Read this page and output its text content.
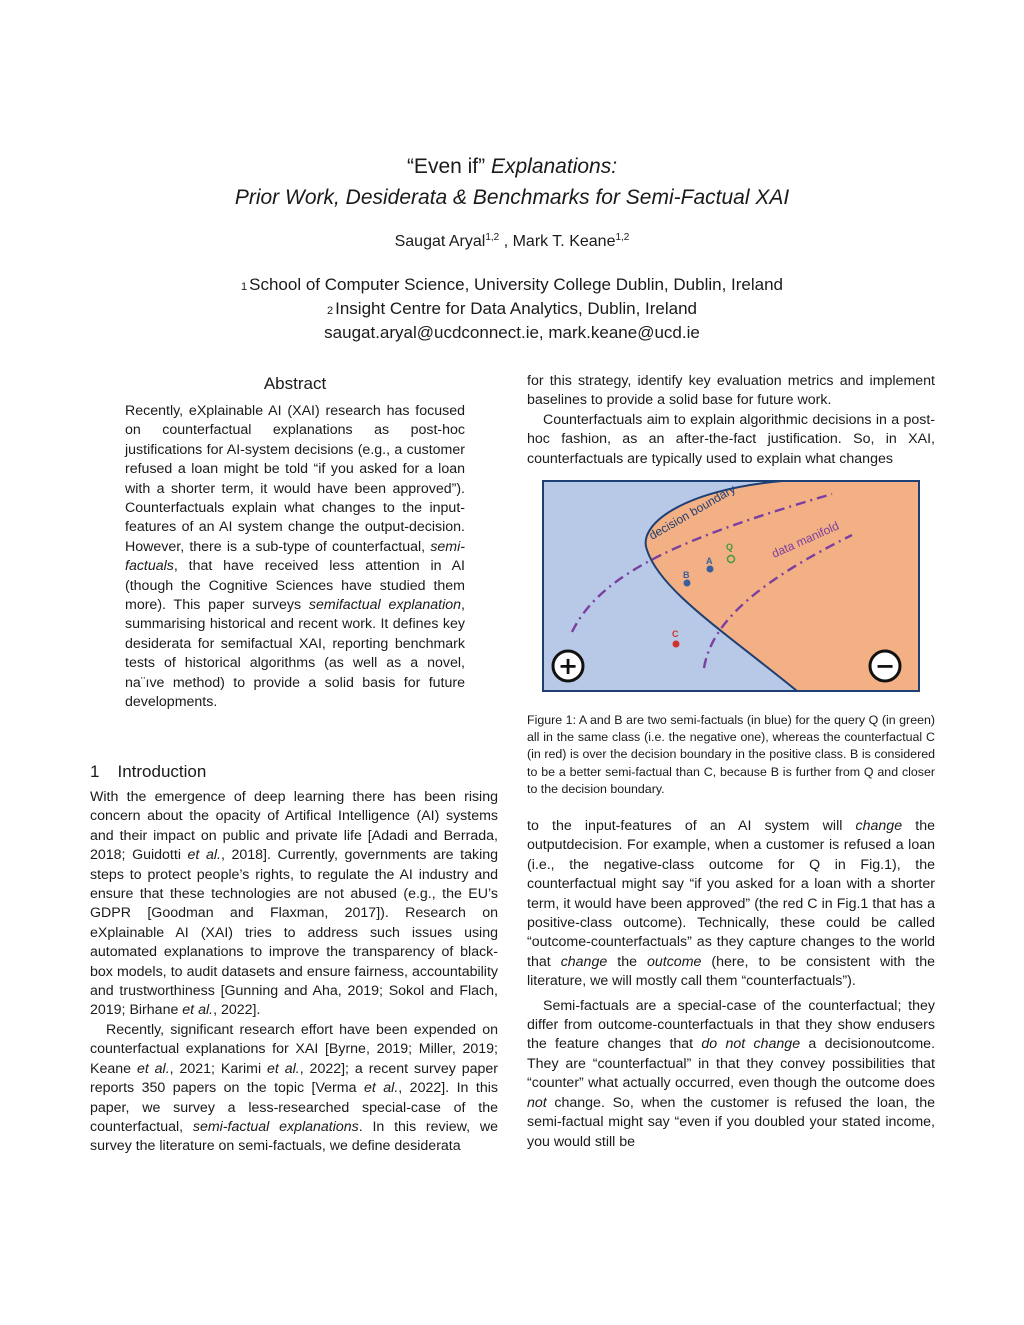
“Even if” Explanations:
Prior Work, Desiderata & Benchmarks for Semi-Factual XAI
Saugat Aryal$^{1,2}$ , Mark T. Keane$^{1,2}$
1 School of Computer Science, University College Dublin, Dublin, Ireland
2 Insight Centre for Data Analytics, Dublin, Ireland
saugat.aryal@ucdconnect.ie, mark.keane@ucd.ie
Abstract
Recently, eXplainable AI (XAI) research has focused on counterfactual explanations as post-hoc justifications for AI-system decisions (e.g., a customer refused a loan might be told “if you asked for a loan with a shorter term, it would have been approved”). Counterfactuals explain what changes to the input-features of an AI system change the output-decision. However, there is a sub-type of counterfactual, semi-factuals, that have received less attention in AI (though the Cognitive Sciences have studied them more). This paper surveys semifactual explanation, summarising historical and recent work. It defines key desiderata for semifactual XAI, reporting benchmark tests of historical algorithms (as well as a novel, na¨ıve method) to provide a solid basis for future developments.
1 Introduction

With the emergence of deep learning there has been rising concern about the opacity of Artifical Intelligence (AI) systems and their impact on public and private life [Adadi and Berrada, 2018; Guidotti et al., 2018]. Currently, governments are taking steps to protect people’s rights, to regulate the AI industry and ensure that these technologies are not abused (e.g., the EU’s GDPR [Goodman and Flaxman, 2017]). Research on eXplainable AI (XAI) tries to address such issues using automated explanations to improve the transparency of black-box models, to audit datasets and ensure fairness, accountability and trustworthiness [Gunning and Aha, 2019; Sokol and Flach, 2019; Birhane et al., 2022].

Recently, significant research effort have been expended on counterfactual explanations for XAI [Byrne, 2019; Miller, 2019; Keane et al., 2021; Karimi et al., 2022]; a recent survey paper reports 350 papers on the topic [Verma et al., 2022]. In this paper, we survey a less-researched special-case of the counterfactual, semi-factual explanations. In this review, we survey the literature on semi-factuals, we define desiderata

for this strategy, identify key evaluation metrics and implement baselines to provide a solid base for future work.

Counterfactuals aim to explain algorithmic decisions in a post-hoc fashion, as an after-the-fact justification. So, in XAI, counterfactuals are typically used to explain what changes

decision boundary	data manifold
B
A
Q
C
+	−
Figure 1: A and B are two semi-factuals (in blue) for the query Q (in green) all in the same class (i.e. the negative one), whereas the counterfactual C (in red) is over the decision boundary in the positive class. B is considered to be a better semi-factual than C, because B is further from Q and closer to the decision boundary.

to the input-features of an AI system will change the outputdecision. For example, when a customer is refused a loan (i.e., the negative-class outcome for Q in Fig.1), the counterfactual might say “if you asked for a loan with a shorter term, it would have been approved” (the red C in Fig.1 that has a positive-class outcome). Technically, these could be called “outcome-counterfactuals” as they capture changes to the world that change the outcome (here, to be consistent with the literature, we will mostly call them “counterfactuals”).

Semi-factuals are a special-case of the counterfactual; they differ from outcome-counterfactuals in that they show endusers the feature changes that do not change a decisionoutcome. They are “counterfactual” in that they convey possibilities that “counter” what actually occurred, even though the outcome does not change. So, when the customer is refused the loan, the semi-factual might say “even if you doubled your stated income, you would still be
